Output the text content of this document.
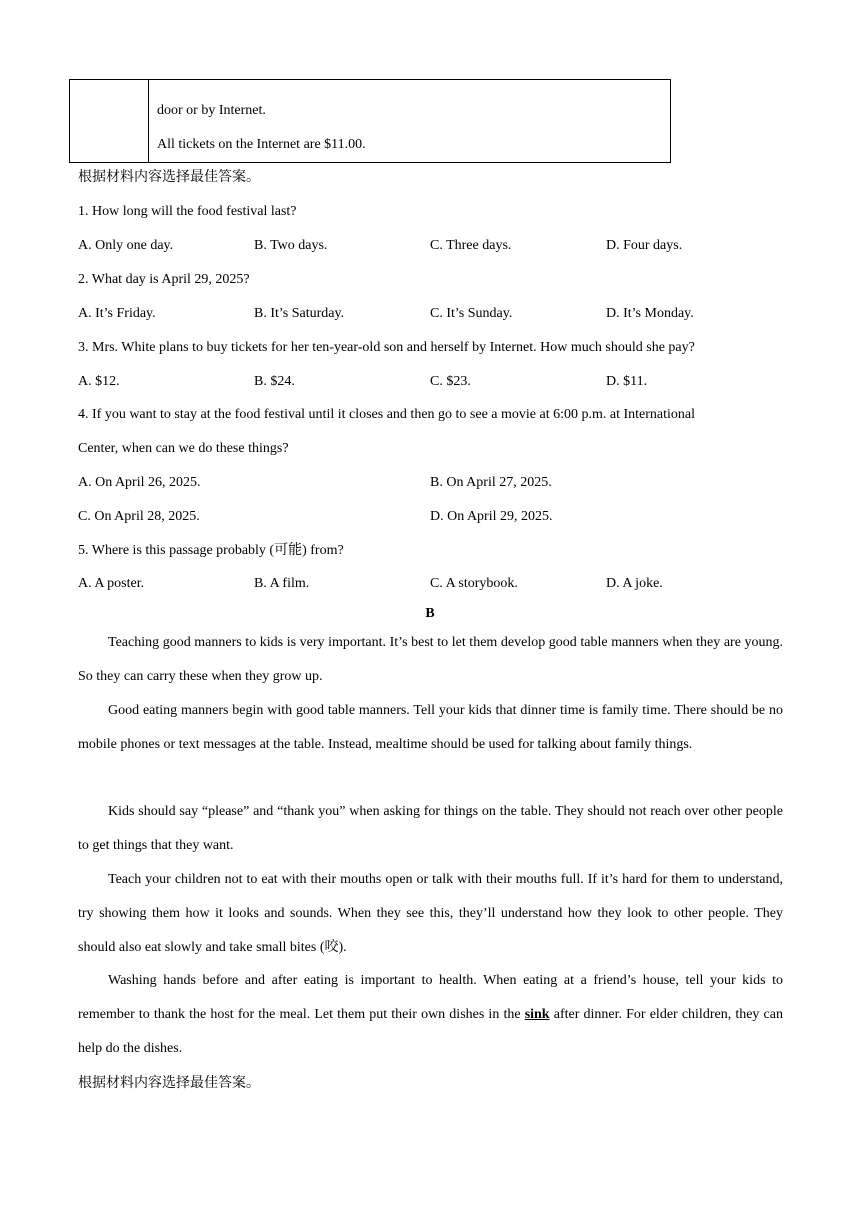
door or by Internet.

All tickets on the Internet are $11.00.

根据材料内容选择最佳答案。
1. How long will the food festival last?
A. Only one day.	B. Two days.	C. Three days.	D. Four days.
2. What day is April 29, 2025?
A. It’s Friday.	B. It’s Saturday.	C. It’s Sunday.	D. It’s Monday.
3. Mrs. White plans to buy tickets for her ten-year-old son and herself by Internet. How much should she pay?
A. $12.	B. $24.	C. $23.	D. $11.
4. If you want to stay at the food festival until it closes and then go to see a movie at 6:00 p.m. at International
Center, when can we do these things?
A. On April 26, 2025.	B. On April 27, 2025.
C. On April 28, 2025.	D. On April 29, 2025.
5. Where is this passage probably (可能) from?
A. A poster.	B. A film.	C. A storybook.	D. A joke.
B
Teaching good manners to kids is very important. It’s best to let them develop good table manners when they are young. So they can carry these when they grow up.
Good eating manners begin with good table manners. Tell your kids that dinner time is family time. There should be no mobile phones or text messages at the table. Instead, mealtime should be used for talking about family things.
Kids should say “please” and “thank you” when asking for things on the table. They should not reach over other people to get things that they want.
Teach your children not to eat with their mouths open or talk with their mouths full. If it’s hard for them to understand, try showing them how it looks and sounds. When they see this, they’ll understand how they look to other people. They should also eat slowly and take small bites (咬).
Washing hands before and after eating is important to health. When eating at a friend’s house, tell your kids to remember to thank the host for the meal. Let them put their own dishes in the sink after dinner. For elder children, they can help do the dishes.
根据材料内容选择最佳答案。
